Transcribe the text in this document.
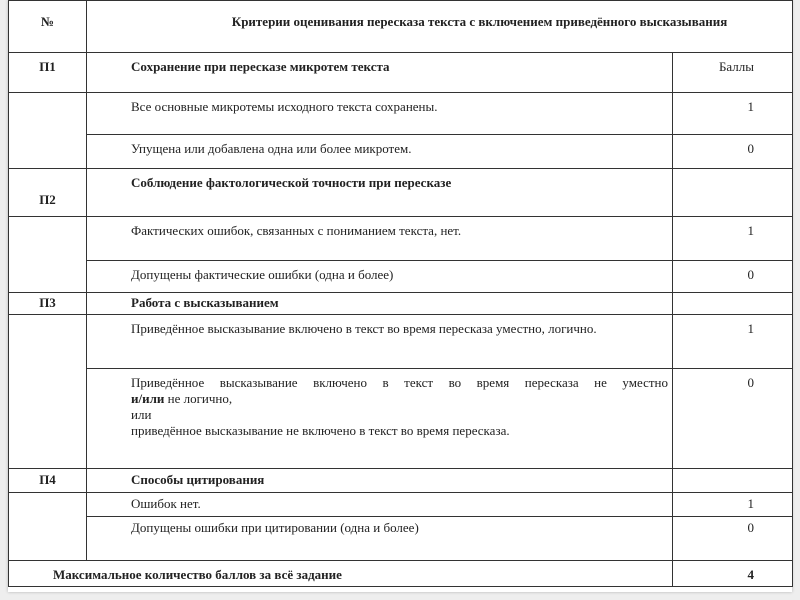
№	Критерии оценивания пересказа текста с включением приведённого высказывания	
П1	Сохранение при пересказе микротем текста	Баллы
	Все основные микротемы исходного текста сохранены.	1
	Упущена или добавлена одна или более микротем.	0
П2	Соблюдение фактологической точности при пересказе	
	Фактических ошибок, связанных с пониманием текста, нет.	1
	Допущены фактические ошибки (одна и более)	0
П3	Работа с высказыванием	
	Приведённое высказывание включено в текст во время пересказа уместно, логично.	1

	Приведённое высказывание включено в текст во время пересказа не уместно
и/или не логично,
или
приведённое высказывание не включено в текст во время пересказа.	0
П4	Способы цитирования	
	Ошибок нет.	1
	Допущены ошибки при цитировании (одна и более)	0
Максимальное количество баллов за всё задание		4
